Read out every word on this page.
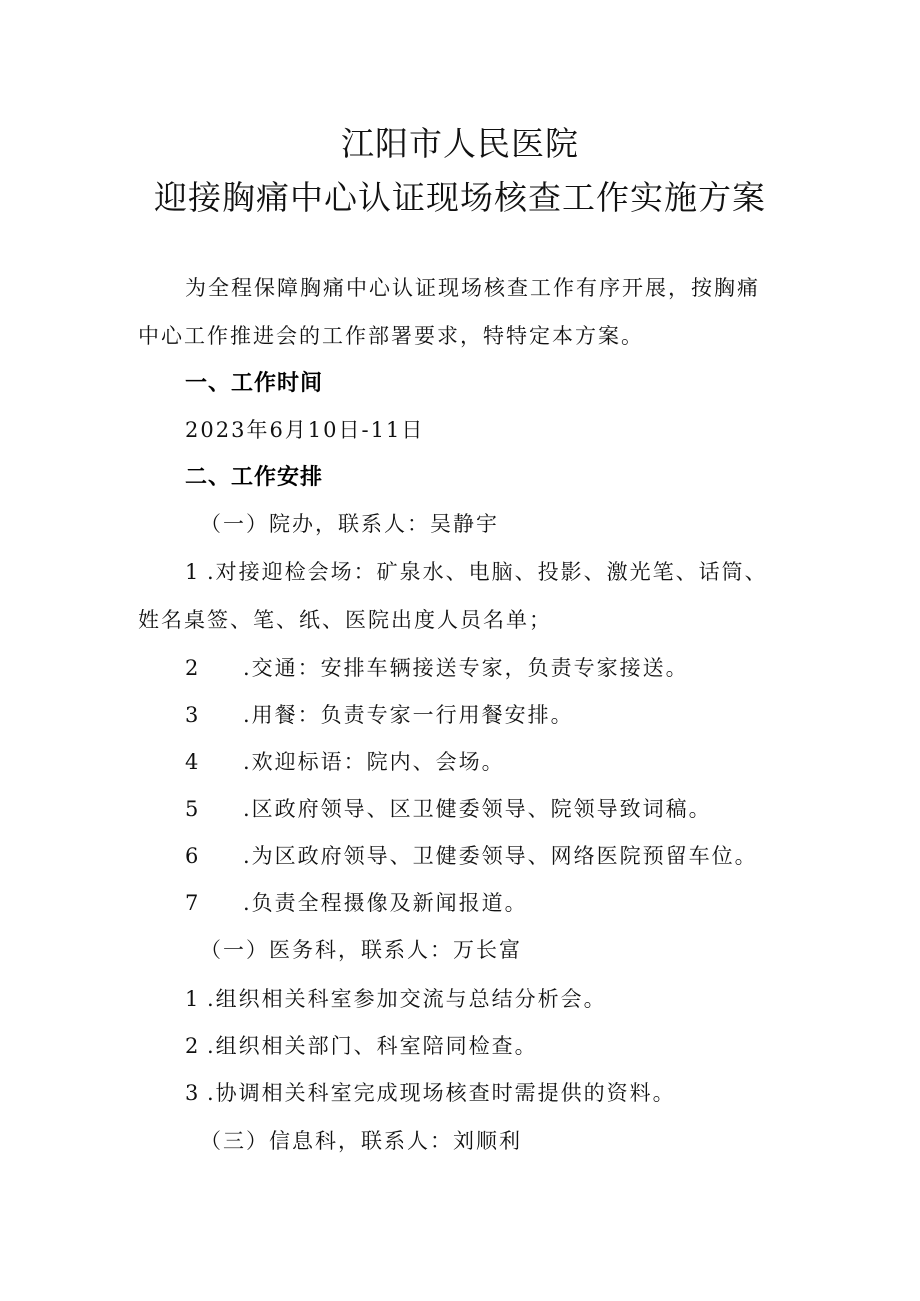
江阳市人民医院
迎接胸痛中心认证现场核查工作实施方案
为全程保障胸痛中心认证现场核查工作有序开展，按胸痛
中心工作推进会的工作部署要求，特特定本方案。
一、工作时间
2023年6月10日-11日
二、工作安排
（一）院办，联系人：吴静宇
1 .对接迎检会场：矿泉水、电脑、投影、激光笔、话筒、
姓名桌签、笔、纸、医院出度人员名单；
2 .交通：安排车辆接送专家，负责专家接送。
3 .用餐：负责专家一行用餐安排。
4 .欢迎标语：院内、会场。
5 .区政府领导、区卫健委领导、院领导致词稿。
6 .为区政府领导、卫健委领导、网络医院预留车位。
7 .负责全程摄像及新闻报道。
（一）医务科，联系人：万长富
1 .组织相关科室参加交流与总结分析会。
2 .组织相关部门、科室陪同检查。
3 .协调相关科室完成现场核查时需提供的资料。
（三）信息科，联系人：刘顺利
